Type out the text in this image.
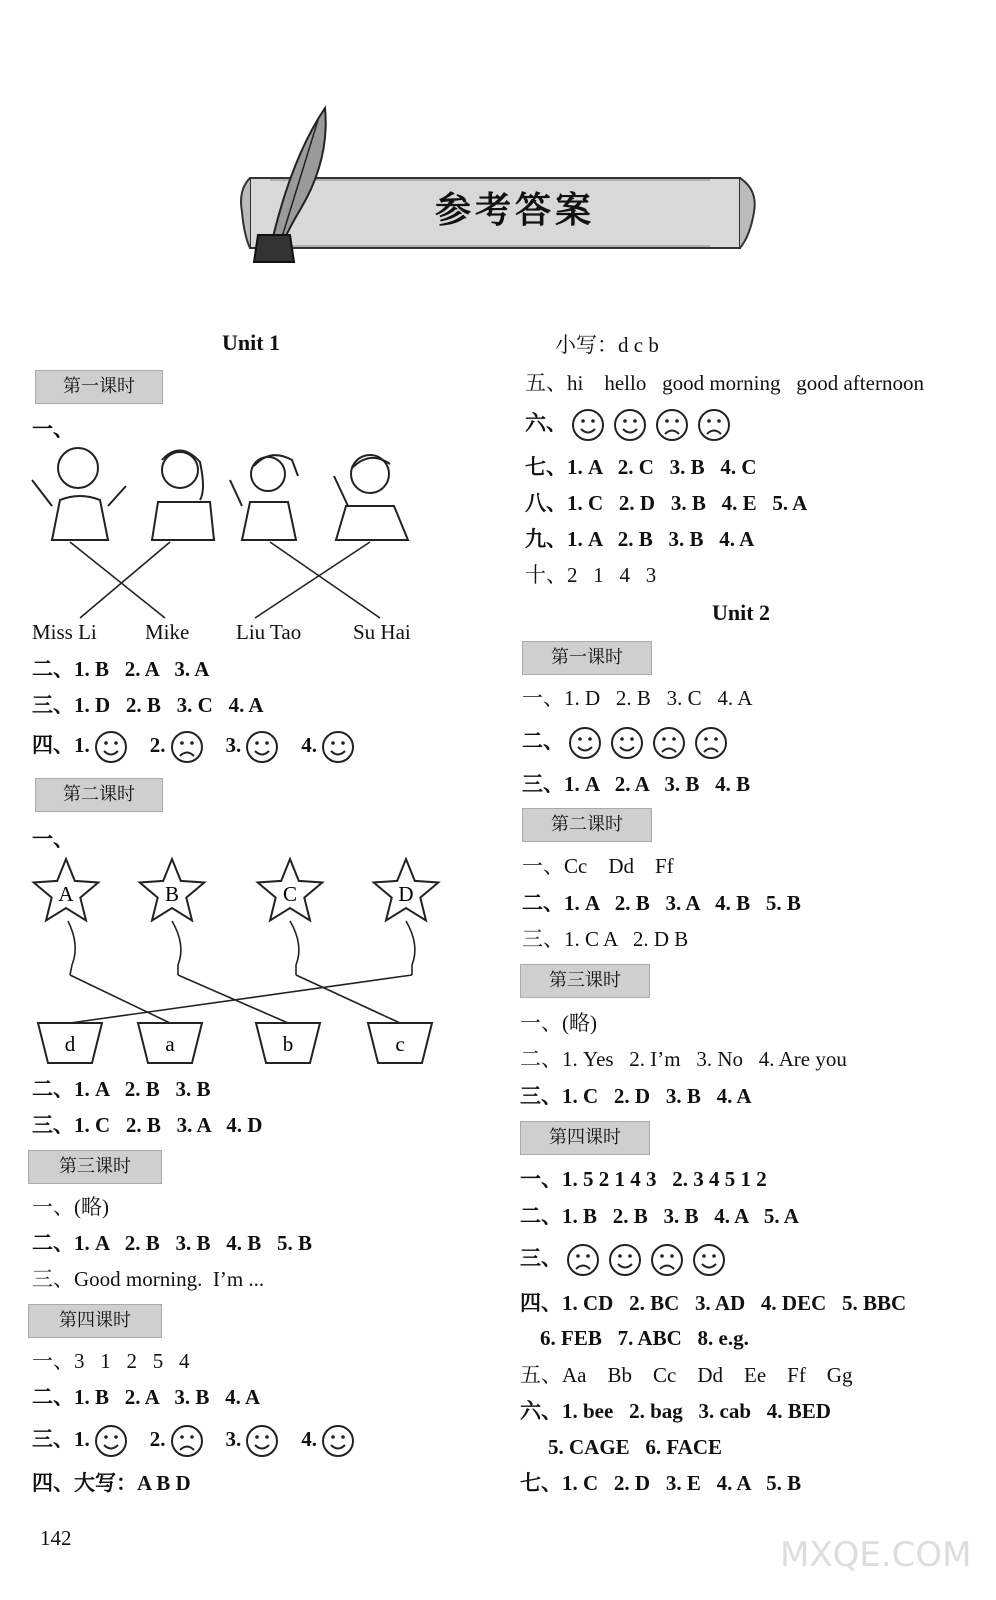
参考答案
Unit 1
第一课时
一、
Miss Li Mike Liu Tao Su Hai
二、1. B   2. A   3. A
三、1. D   2. B   3. C   4. A
四、1.	2.	3.	4.
第二课时
一、
A	B	C	D
d	a	b	c
二、1. A   2. B   3. B
三、1. C   2. B   3. A   4. D
第三课时
一、(略)
二、1. A   2. B   3. B   4. B   5. B
三、Good morning.  I’m ...
第四课时
一、3   1   2   5   4
二、1. B   2. A   3. B   4. A
三、1.	2.	3.	4.
四、大写：A B D
142
小写：d c b
五、hi    hello   good morning   good afternoon
六、
七、1. A   2. C   3. B   4. C
八、1. C   2. D   3. B   4. E   5. A
九、1. A   2. B   3. B   4. A
十、2   1   4   3
Unit 2
第一课时
一、1. D   2. B   3. C   4. A
二、
三、1. A   2. A   3. B   4. B
第二课时
一、Cc    Dd    Ff
二、1. A   2. B   3. A   4. B   5. B
三、1. C A   2. D B
第三课时
一、(略)
二、1. Yes   2. I’m   3. No   4. Are you
三、1. C   2. D   3. B   4. A
第四课时
一、1. 5 2 1 4 3   2. 3 4 5 1 2
二、1. B   2. B   3. B   4. A   5. A
三、
四、1. CD   2. BC   3. AD   4. DEC   5. BBC
6. FEB   7. ABC   8. e.g.
五、Aa    Bb    Cc    Dd    Ee    Ff    Gg
六、1. bee   2. bag   3. cab   4. BED
5. CAGE   6. FACE
七、1. C   2. D   3. E   4. A   5. B
MXQE.COM
